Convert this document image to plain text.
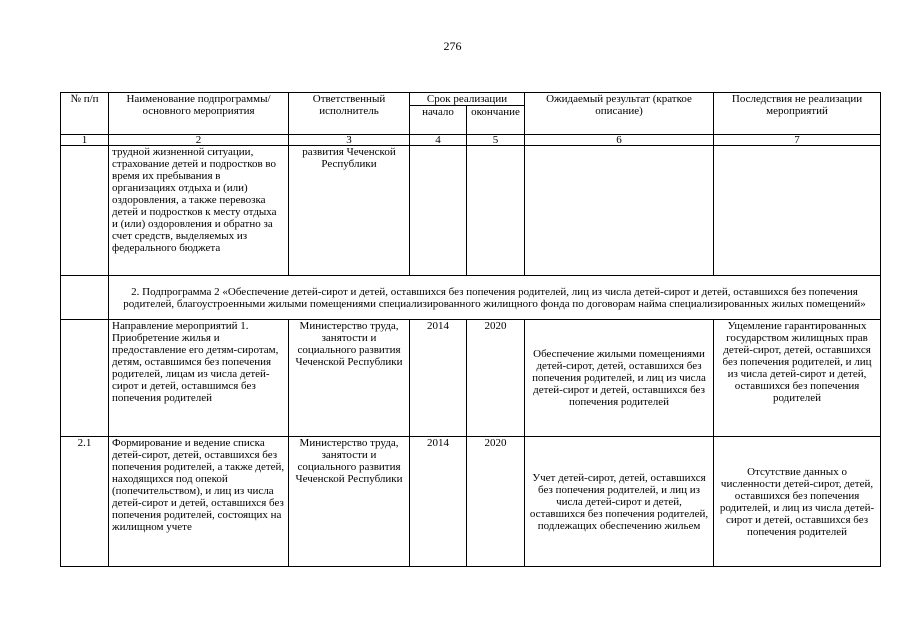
276
№ п/п	Наименование подпрограммы/ основного мероприятия	Ответственный исполнитель	Срок реализации		Ожидаемый результат (краткое описание)	Последствия не реализации мероприятий
			начало	окончание		
1	2	3	4	5	6	7
	трудной жизненной ситуации, страхование детей и подростков во время их пребывания в организациях отдыха и (или) оздоровления, а также перевозка детей и подростков к месту отдыха и (или) оздоровления и обратно за счет средств, выделяемых из федерального бюджета	развития Чеченской Республики				
	2. Подпрограмма 2 «Обеспечение детей-сирот и детей, оставшихся без попечения родителей, лиц из числа детей-сирот и детей, оставшихся без попечения родителей, благоустроенными жилыми помещениями специализированного жилищного фонда по договорам найма специализированных жилых помещений»					
	Направление мероприятий 1. Приобретение жилья и предоставление его детям-сиротам, детям, оставшимся без попечения родителей, лицам из числа детей-сирот и детей, оставшимся без попечения родителей	Министерство труда, занятости и социального развития Чеченской Республики	2014	2020	Обеспечение жилыми помещениями детей-сирот, детей, оставшихся без попечения родителей, и лиц из числа детей-сирот и детей, оставшихся без попечения родителей	Ущемление гарантированных государством жилищных прав детей-сирот, детей, оставшихся без попечения родителей, и лиц из числа детей-сирот и детей, оставшихся без попечения родителей
2.1	Формирование и ведение списка детей-сирот, детей, оставшихся без попечения родителей, а также детей, находящихся под опекой (попечительством), и лиц из числа детей-сирот и детей, оставшихся без попечения родителей, состоящих на жилищном учете	Министерство труда, занятости и социального развития Чеченской Республики	2014	2020	Учет детей-сирот, детей, оставшихся без попечения родителей, и лиц из числа детей-сирот и детей, оставшихся без попечения родителей, подлежащих обеспечению жильем	Отсутствие данных о численности детей-сирот, детей, оставшихся без попечения родителей, и лиц из числа детей-сирот и детей, оставшихся без попечения родителей
